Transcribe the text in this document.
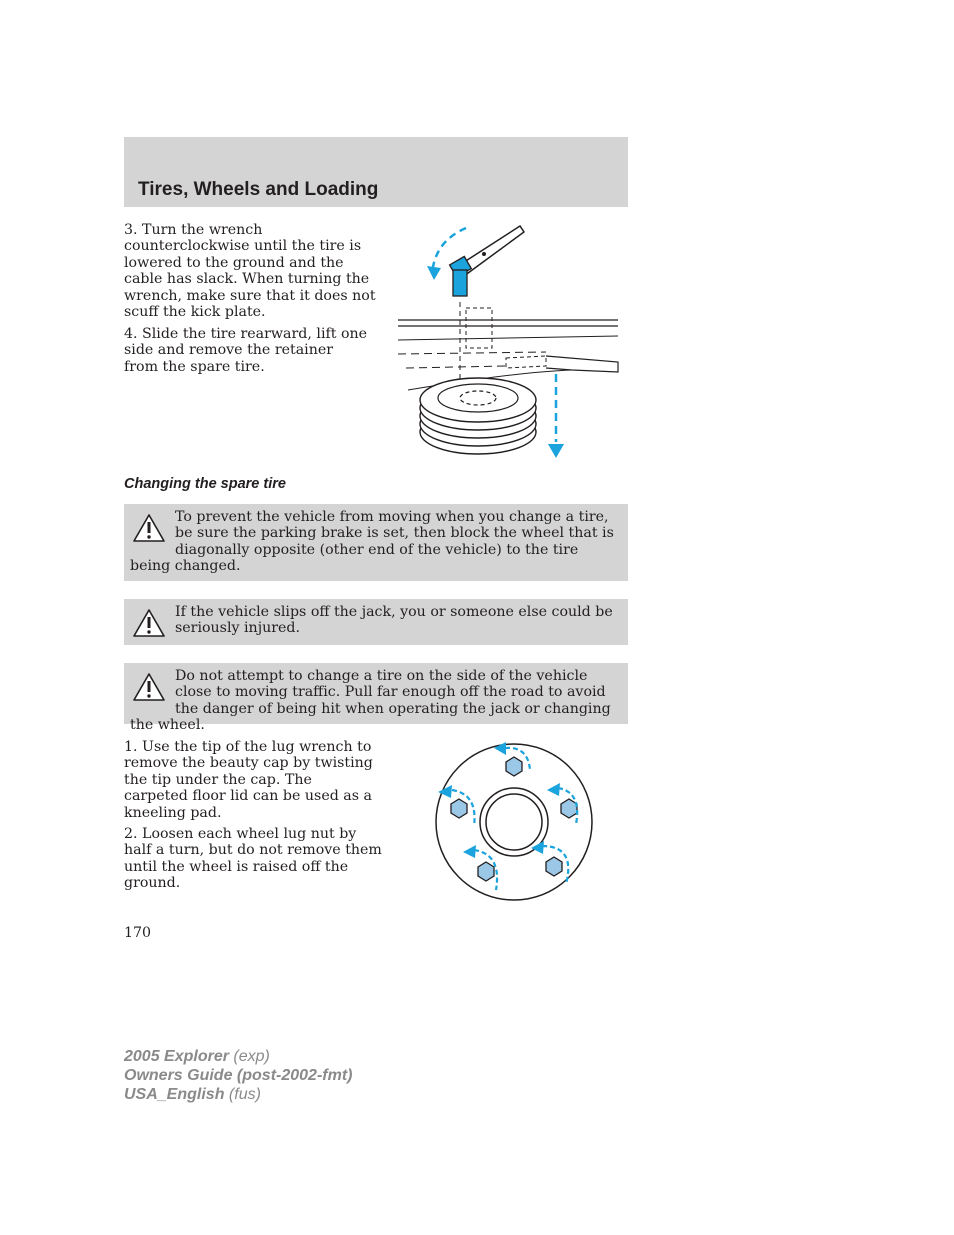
Tires, Wheels and Loading

3. Turn the wrench counterclockwise until the tire is lowered to the ground and the cable has slack. When turning the wrench, make sure that it does not scuff the kick plate.

4. Slide the tire rearward, lift one side and remove the retainer from the spare tire.

Changing the spare tire

To prevent the vehicle from moving when you change a tire, be sure the parking brake is set, then block the wheel that is diagonally opposite (other end of the vehicle) to the tire being changed.

If the vehicle slips off the jack, you or someone else could be seriously injured.

Do not attempt to change a tire on the side of the vehicle close to moving traffic. Pull far enough off the road to avoid the danger of being hit when operating the jack or changing the wheel.

1. Use the tip of the lug wrench to remove the beauty cap by twisting the tip under the cap. The carpeted floor lid can be used as a kneeling pad.

2. Loosen each wheel lug nut by half a turn, but do not remove them until the wheel is raised off the ground.

170

2005 Explorer (exp)
Owners Guide (post-2002-fmt)
USA_English (fus)
